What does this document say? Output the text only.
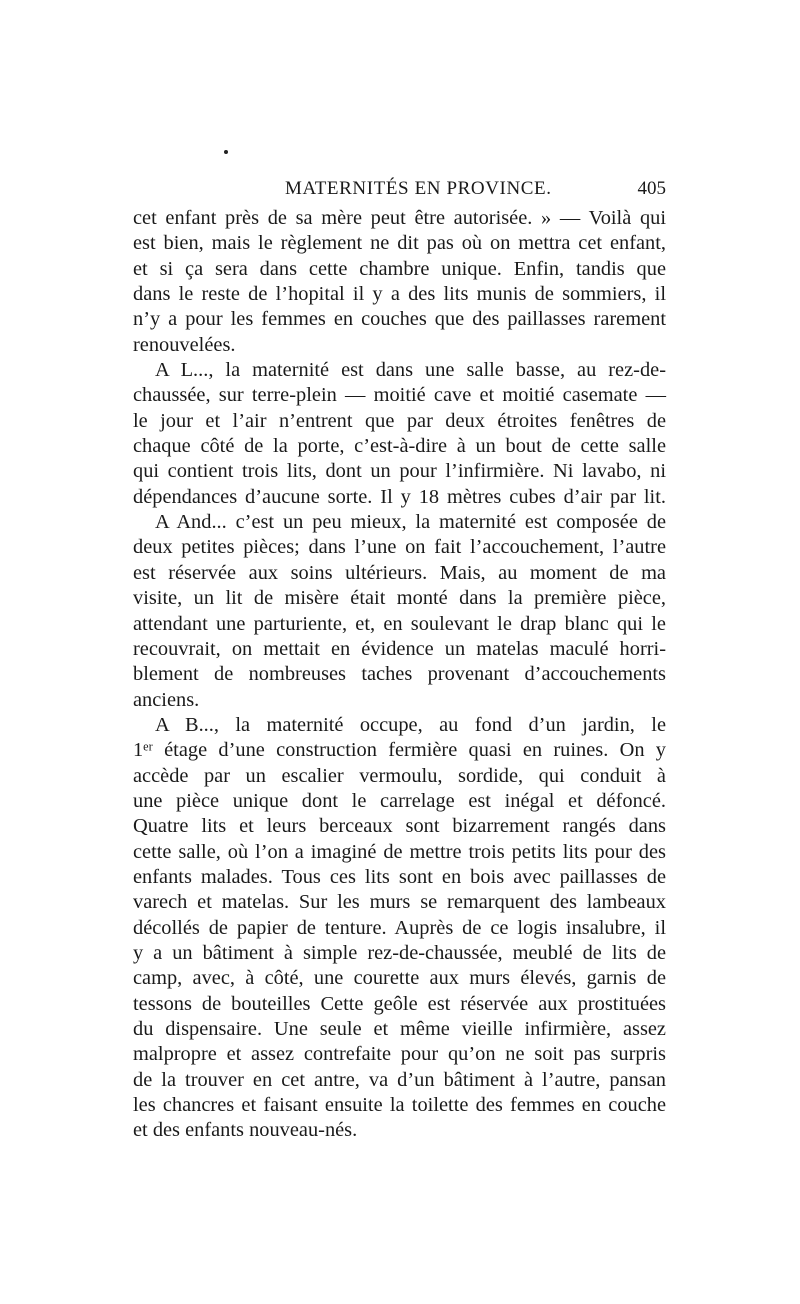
MATERNITÉS EN PROVINCE.	405
cet enfant près de sa mère peut être autorisée. » — Voilà qui
est bien, mais le règlement ne dit pas où on mettra cet enfant,
et si ça sera dans cette chambre unique. Enfin, tandis que
dans le reste de l’hopital il y a des lits munis de sommiers, il
n’y a pour les femmes en couches que des paillasses rarement
renouvelées.
A L..., la maternité est dans une salle basse, au rez-de-
chaussée, sur terre-plein — moitié cave et moitié casemate —
le jour et l’air n’entrent que par deux étroites fenêtres de
chaque côté de la porte, c’est-à-dire à un bout de cette salle
qui contient trois lits, dont un pour l’infirmière. Ni lavabo, ni
dépendances d’aucune sorte. Il y 18 mètres cubes d’air par lit.
A And... c’est un peu mieux, la maternité est composée de
deux petites pièces; dans l’une on fait l’accouchement, l’autre
est réservée aux soins ultérieurs. Mais, au moment de ma
visite, un lit de misère était monté dans la première pièce,
attendant une parturiente, et, en soulevant le drap blanc qui le
recouvrait, on mettait en évidence un matelas maculé horri-
blement de nombreuses taches provenant d’accouchements
anciens.
A B..., la maternité occupe, au fond d’un jardin, le
1ᵉʳ étage d’une construction fermière quasi en ruines. On y
accède par un escalier vermoulu, sordide, qui conduit à
une pièce unique dont le carrelage est inégal et défoncé.
Quatre lits et leurs berceaux sont bizarrement rangés dans
cette salle, où l’on a imaginé de mettre trois petits lits pour des
enfants malades. Tous ces lits sont en bois avec paillasses de
varech et matelas. Sur les murs se remarquent des lambeaux
décollés de papier de tenture. Auprès de ce logis insalubre, il
y a un bâtiment à simple rez-de-chaussée, meublé de lits de
camp, avec, à côté, une courette aux murs élevés, garnis de
tessons de bouteilles Cette geôle est réservée aux prostituées
du dispensaire. Une seule et même vieille infirmière, assez
malpropre et assez contrefaite pour qu’on ne soit pas surpris
de la trouver en cet antre, va d’un bâtiment à l’autre, pansan
les chancres et faisant ensuite la toilette des femmes en couche
et des enfants nouveau-nés.
